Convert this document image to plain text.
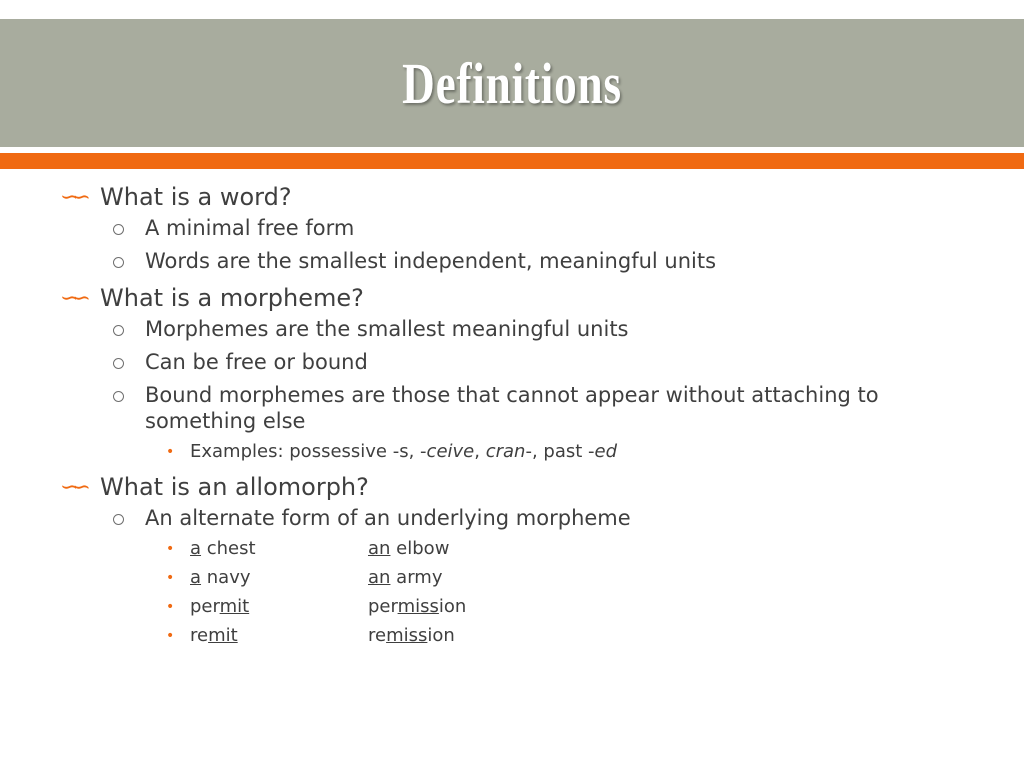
Definitions
∽∽ What is a word?
A minimal free form
Words are the smallest independent, meaningful units
∽∽ What is a morpheme?
Morphemes are the smallest meaningful units
Can be free or bound
Bound morphemes are those that cannot appear without attaching to something else
• Examples: possessive -s, -ceive, cran-, past -ed
∽∽ What is an allomorph?
An alternate form of an underlying morpheme
• a chest	an elbow
• a navy	an army
• permit	permission
• remit	remission
